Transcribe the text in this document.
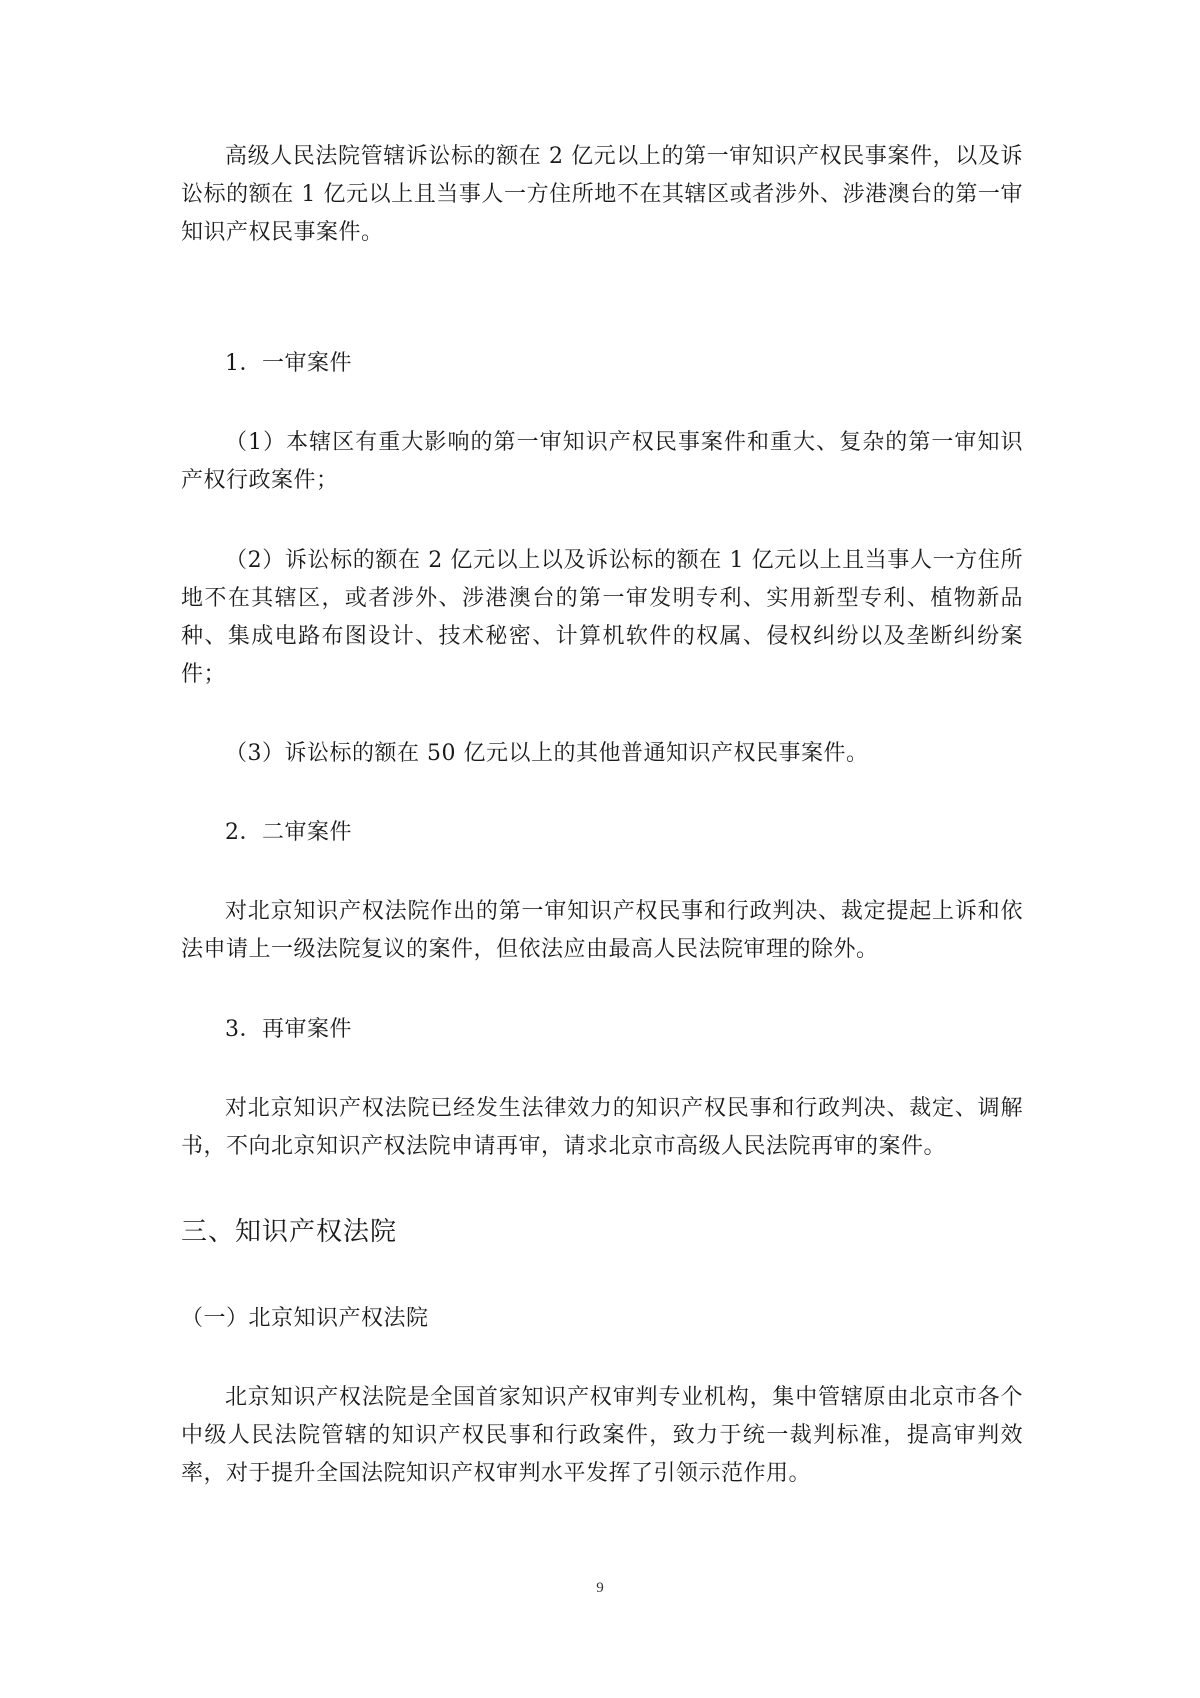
高级人民法院管辖诉讼标的额在 2 亿元以上的第一审知识产权民事案件，以及诉讼标的额在 1 亿元以上且当事人一方住所地不在其辖区或者涉外、涉港澳台的第一审知识产权民事案件。

1．一审案件

（1）本辖区有重大影响的第一审知识产权民事案件和重大、复杂的第一审知识产权行政案件；

（2）诉讼标的额在 2 亿元以上以及诉讼标的额在 1 亿元以上且当事人一方住所地不在其辖区，或者涉外、涉港澳台的第一审发明专利、实用新型专利、植物新品种、集成电路布图设计、技术秘密、计算机软件的权属、侵权纠纷以及垄断纠纷案件；

（3）诉讼标的额在 50 亿元以上的其他普通知识产权民事案件。

2．二审案件

对北京知识产权法院作出的第一审知识产权民事和行政判决、裁定提起上诉和依法申请上一级法院复议的案件，但依法应由最高人民法院审理的除外。

3．再审案件

对北京知识产权法院已经发生法律效力的知识产权民事和行政判决、裁定、调解书，不向北京知识产权法院申请再审，请求北京市高级人民法院再审的案件。

三、知识产权法院

（一）北京知识产权法院

北京知识产权法院是全国首家知识产权审判专业机构，集中管辖原由北京市各个中级人民法院管辖的知识产权民事和行政案件，致力于统一裁判标准，提高审判效率，对于提升全国法院知识产权审判水平发挥了引领示范作用。

9
